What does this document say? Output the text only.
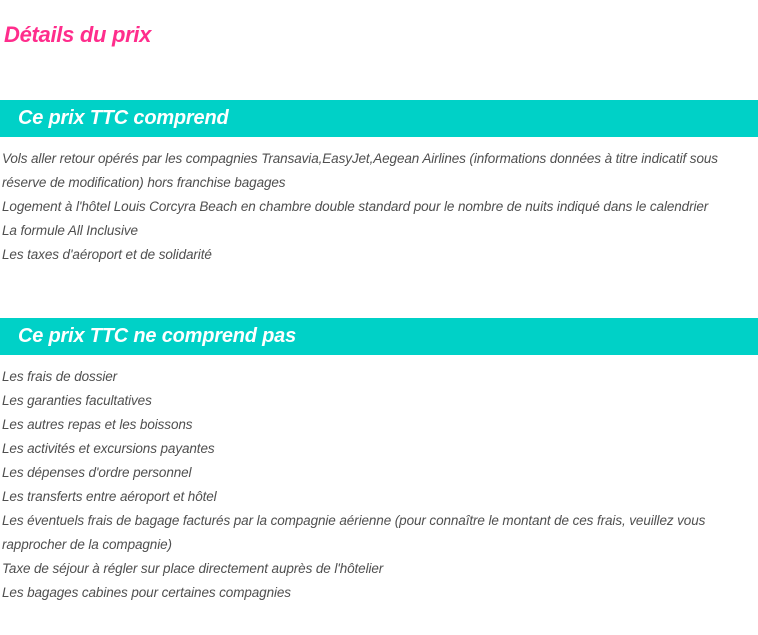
Détails du prix
Ce prix TTC comprend

Vols aller retour opérés par les compagnies Transavia,EasyJet,Aegean Airlines (informations données à titre indicatif sous réserve de modification) hors franchise bagages

Logement à l'hôtel Louis Corcyra Beach en chambre double standard pour le nombre de nuits indiqué dans le calendrier

La formule All Inclusive

Les taxes d'aéroport et de solidarité

Ce prix TTC ne comprend pas

Les frais de dossier

Les garanties facultatives

Les autres repas et les boissons

Les activités et excursions payantes

Les dépenses d'ordre personnel

Les transferts entre aéroport et hôtel

Les éventuels frais de bagage facturés par la compagnie aérienne (pour connaître le montant de ces frais, veuillez vous rapprocher de la compagnie)

Taxe de séjour à régler sur place directement auprès de l'hôtelier

Les bagages cabines pour certaines compagnies
